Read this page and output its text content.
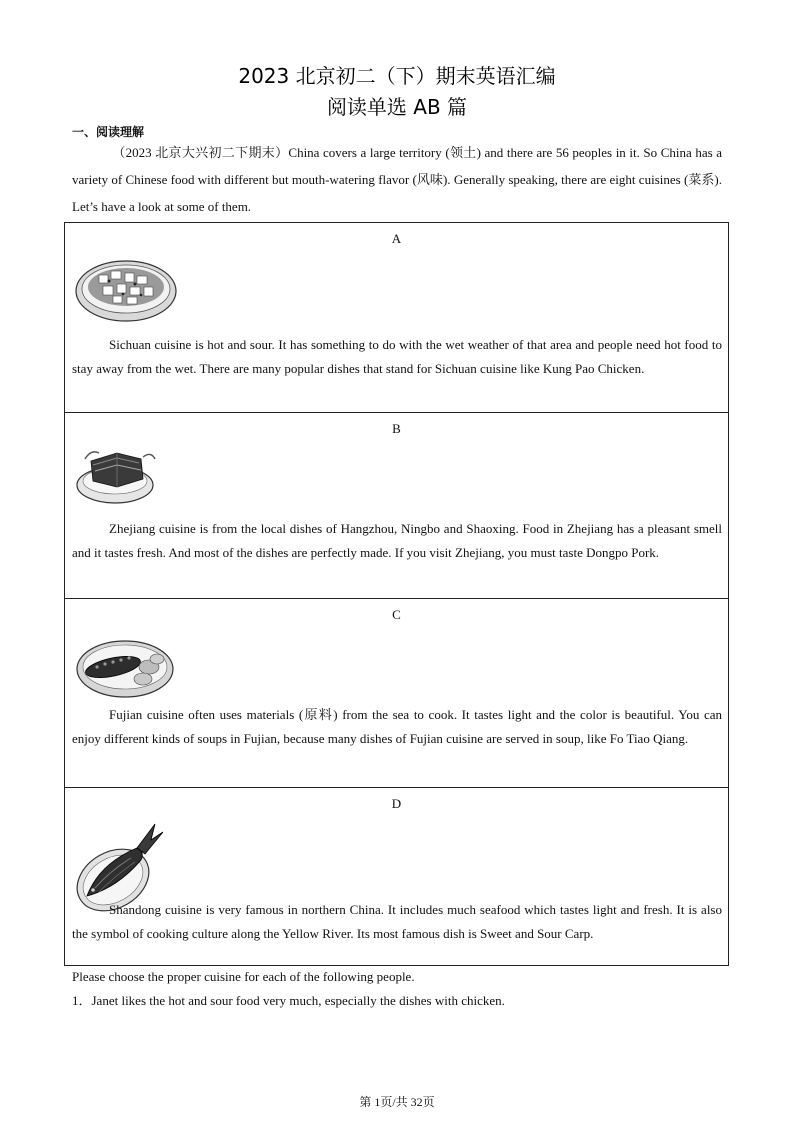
2023 北京初二（下）期末英语汇编
阅读单选 AB 篇
一、阅读理解
（2023 北京大兴初二下期末）China covers a large territory (领土) and there are 56 peoples in it. So China has a variety of Chinese food with different but mouth-watering flavor (风味). Generally speaking, there are eight cuisines (菜系). Let’s have a look at some of them.
A
Sichuan cuisine is hot and sour. It has something to do with the wet weather of that area and people need hot food to stay away from the wet. There are many popular dishes that stand for Sichuan cuisine like Kung Pao Chicken.
B
Zhejiang cuisine is from the local dishes of Hangzhou, Ningbo and Shaoxing. Food in Zhejiang has a pleasant smell and it tastes fresh. And most of the dishes are perfectly made. If you visit Zhejiang, you must taste Dongpo Pork.
C
Fujian cuisine often uses materials (原料) from the sea to cook. It tastes light and the color is beautiful. You can enjoy different kinds of soups in Fujian, because many dishes of Fujian cuisine are served in soup, like Fo Tiao Qiang.
D
Shandong cuisine is very famous in northern China. It includes much seafood which tastes light and fresh. It is also the symbol of cooking culture along the Yellow River. Its most famous dish is Sweet and Sour Carp.
Please choose the proper cuisine for each of the following people.
1．Janet likes the hot and sour food very much, especially the dishes with chicken.
第 1页/共 32页
